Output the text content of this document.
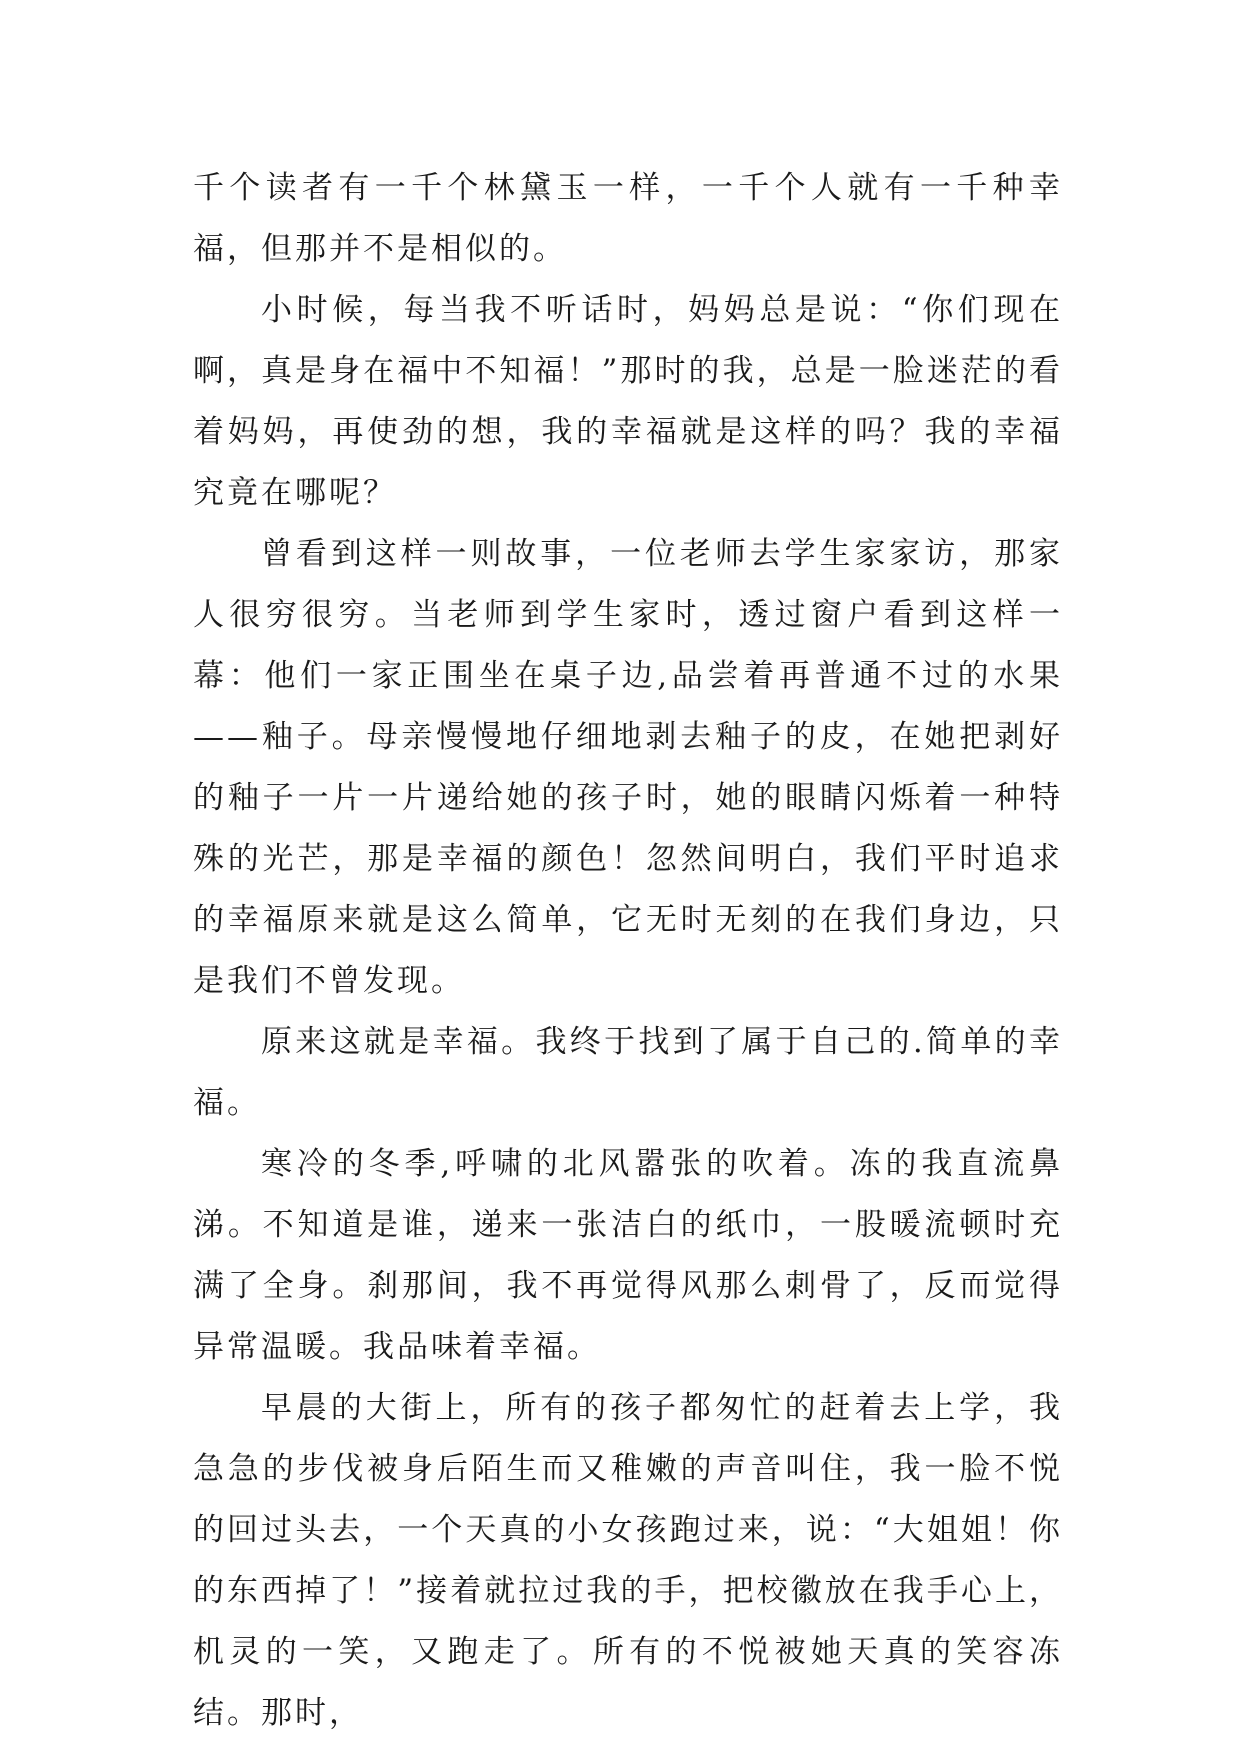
千个读者有一千个林黛玉一样，一千个人就有一千种幸福，但那并不是相似的。

小时候，每当我不听话时，妈妈总是说：“你们现在啊，真是身在福中不知福！”那时的我，总是一脸迷茫的看着妈妈，再使劲的想，我的幸福就是这样的吗？我的幸福究竟在哪呢？

曾看到这样一则故事，一位老师去学生家家访，那家人很穷很穷。当老师到学生家时，透过窗户看到这样一幕：他们一家正围坐在桌子边,品尝着再普通不过的水果——釉子。母亲慢慢地仔细地剥去釉子的皮，在她把剥好的釉子一片一片递给她的孩子时，她的眼睛闪烁着一种特殊的光芒，那是幸福的颜色！忽然间明白，我们平时追求的幸福原来就是这么简单，它无时无刻的在我们身边，只是我们不曾发现。

原来这就是幸福。我终于找到了属于自己的.简单的幸福。

寒冷的冬季,呼啸的北风嚣张的吹着。冻的我直流鼻涕。不知道是谁，递来一张洁白的纸巾，一股暖流顿时充满了全身。刹那间，我不再觉得风那么刺骨了，反而觉得异常温暖。我品味着幸福。

早晨的大街上，所有的孩子都匆忙的赶着去上学，我急急的步伐被身后陌生而又稚嫩的声音叫住，我一脸不悦的回过头去，一个天真的小女孩跑过来，说：“大姐姐！你的东西掉了！”接着就拉过我的手，把校徽放在我手心上，机灵的一笑，又跑走了。所有的不悦被她天真的笑容冻结。那时，
